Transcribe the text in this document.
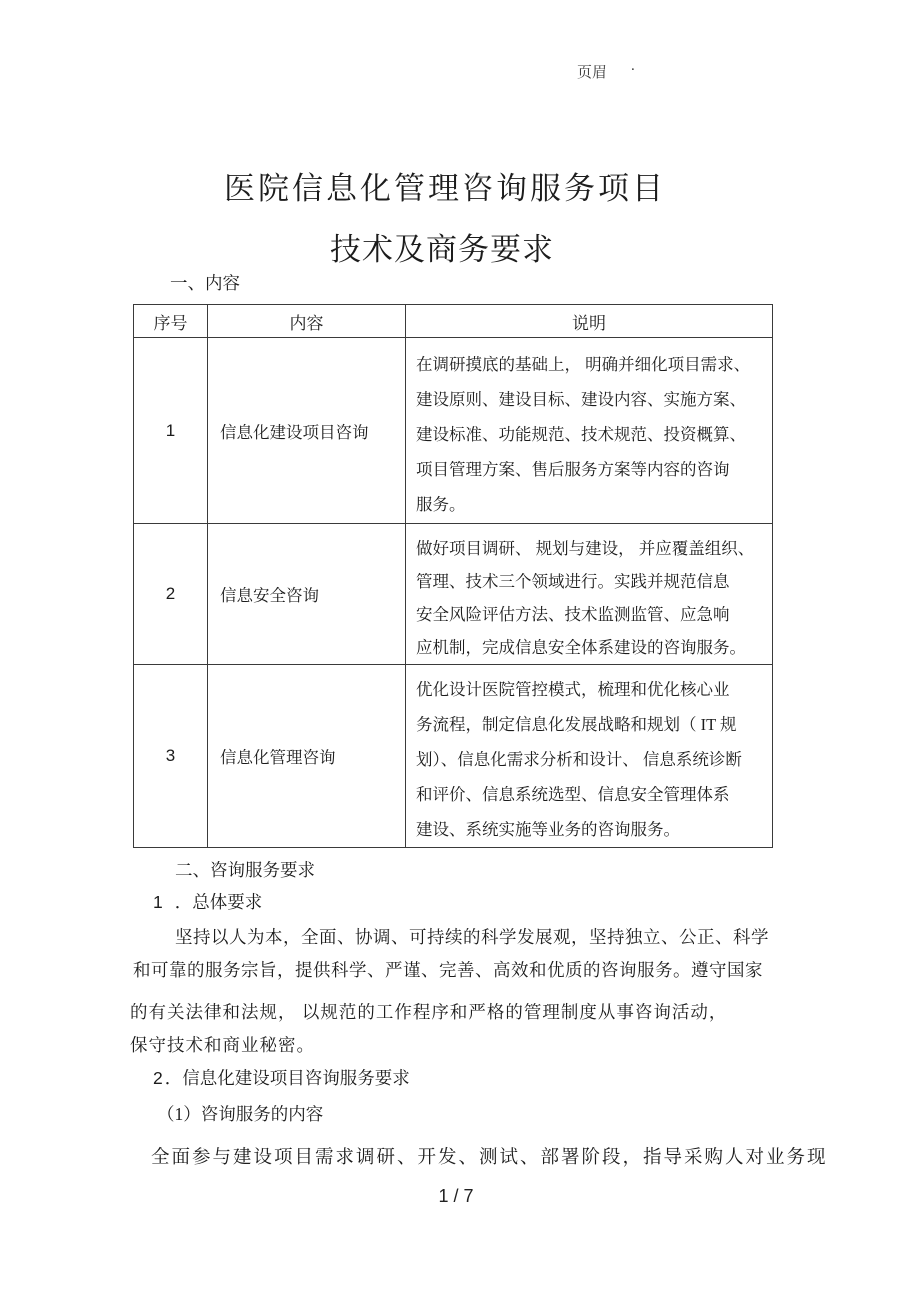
页眉 .
医院信息化管理咨询服务项目
技术及商务要求
一、内容
序号	内容	说明
1	信息化建设项目咨询	在调研摸底的基础上， 明确并细化项目需求、
建设原则、建设目标、建设内容、实施方案、
建设标准、功能规范、技术规范、投资概算、
项目管理方案、售后服务方案等内容的咨询
服务。

2	信息安全咨询	做好项目调研、 规划与建设， 并应覆盖组织、
管理、技术三个领域进行。实践并规范信息
安全风险评估方法、技术监测监管、应急响
应机制，完成信息安全体系建设的咨询服务。

3	信息化管理咨询	优化设计医院管控模式，梳理和优化核心业
务流程，制定信息化发展战略和规划（ IT 规
划）、信息化需求分析和设计、 信息系统诊断
和评价、信息系统选型、信息安全管理体系
建设、系统实施等业务的咨询服务。
二、咨询服务要求
1 ．总体要求
坚持以人为本，全面、协调、可持续的科学发展观，坚持独立、公正、科学
和可靠的服务宗旨，提供科学、严谨、完善、高效和优质的咨询服务。遵守国家
的有关法律和法规， 以规范的工作程序和严格的管理制度从事咨询活动，
保守技术和商业秘密。
2 ．信息化建设项目咨询服务要求
（1）咨询服务的内容
全面参与建设项目需求调研、开发、测试、部署阶段，指导采购人对业务现
1 / 7
